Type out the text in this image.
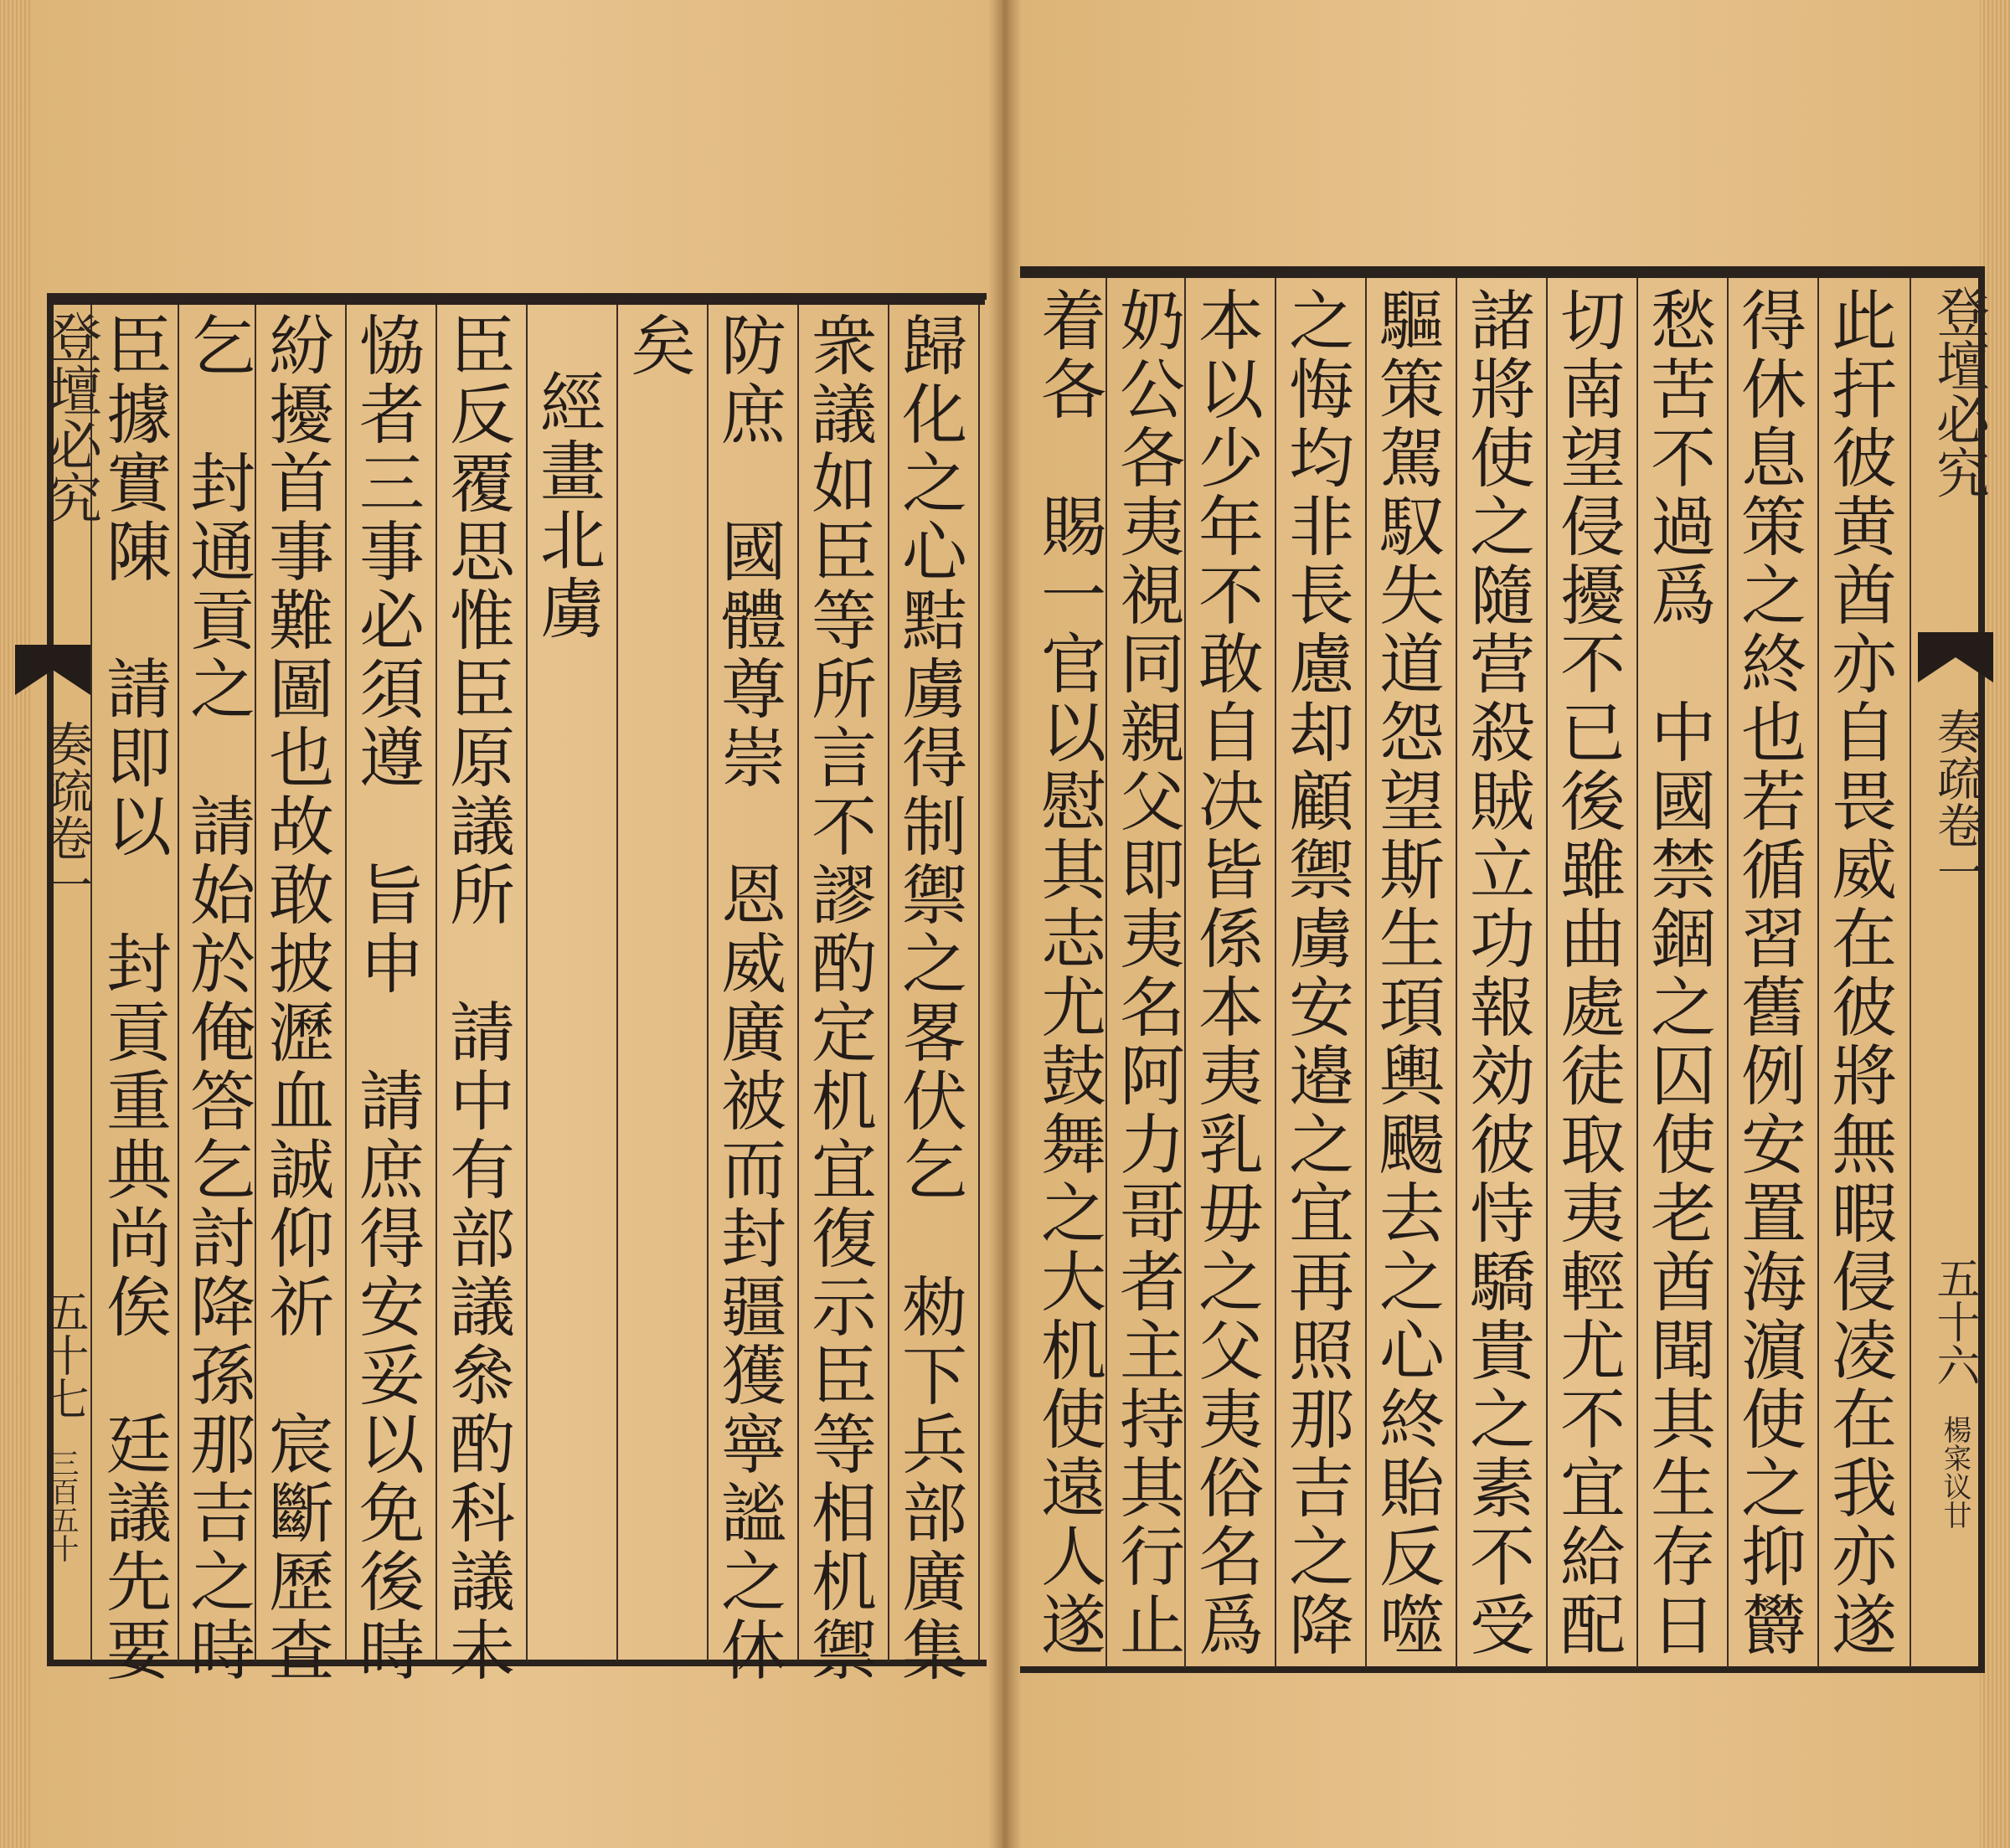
登壇必究
奏疏卷一
五十七
三百五十	歸化之心黠虜得制禦之畧伏乞　勑下兵部廣集
衆議如臣等所言不謬酌定机宜復示臣等相机禦
防庶　國體尊崇　恩威廣被而封疆獲寧謐之休
矣
經畫北虜
臣反覆思惟臣原議所　請中有部議叅酌科議未
恊者三事必須遵　旨申　請庶得安妥以免後時
紛擾首事難圖也故敢披瀝血誠仰祈　宸斷歷査
乞　封通貢之　請始於俺答乞討降孫那吉之時
臣據實陳　請即以　封貢重典尚俟　廷議先要	登壇必究
奏疏卷一
五十六
楊寀议廿
此扞彼黄酋亦自畏威在彼將無暇侵凌在我亦遂
得休息策之終也若循習舊例安置海濵使之抑欝
愁苦不過爲　中國禁錮之囚使老酋聞其生存日
切南望侵擾不已後雖曲處徒取夷輕尤不宜給配
諸將使之隨营殺賊立功報効彼恃驕貴之素不受
驅策駕馭失道怨望斯生頊輿颺去之心終貽反噬
之悔均非長慮却顧禦虜安邉之宜再照那吉之降
本以少年不敢自决皆係本夷乳毋之父夷俗名爲
奶公各夷視同親父即夷名阿力哥者主持其行止
着各　賜一官以慰其志尤鼓舞之大机使遠人遂
